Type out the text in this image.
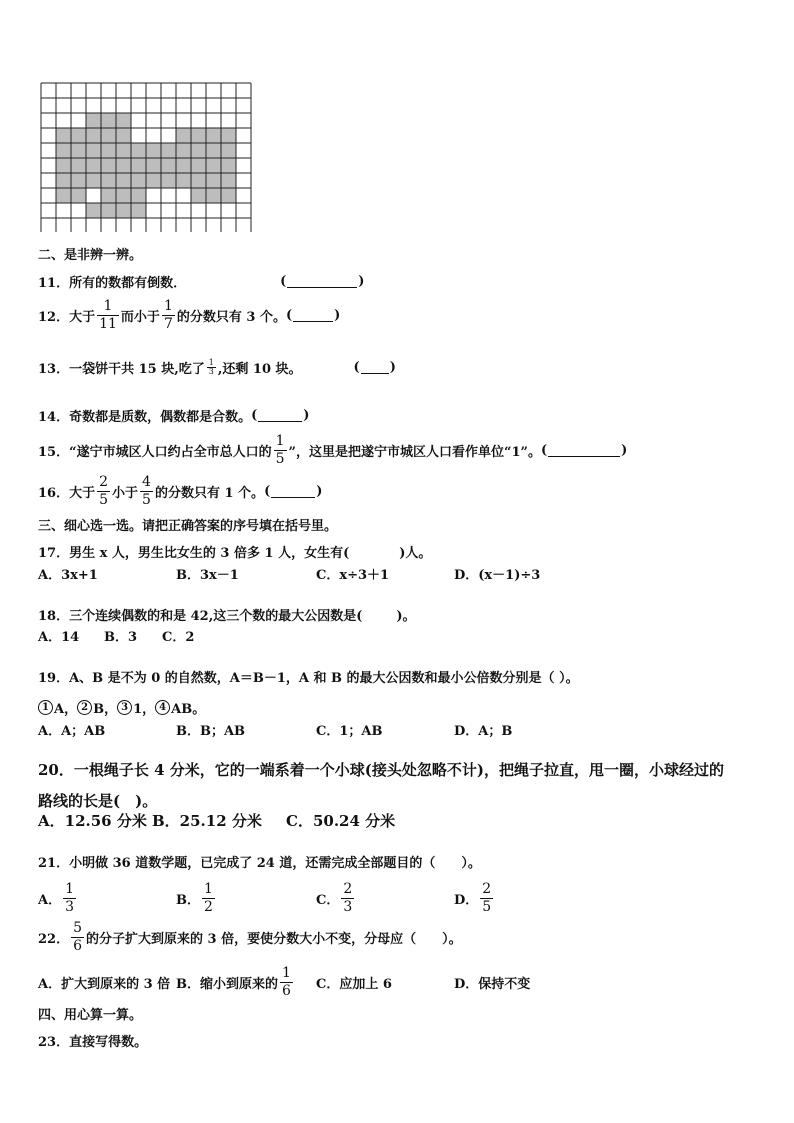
二、是非辨一辨。
11．所有的数都有倒数．	(	)
12．大于 $\frac{1}{11}$ 而小于 $\frac{1}{7}$ 的分数只有 3 个。 (	)
13．一袋饼干共 15 块,吃了 $\frac{1}{3}$ ,还剩 10 块。	( )
14．奇数都是质数，偶数都是合数。 (	)
15．“遂宁市城区人口约占全市总人口的 $\frac{1}{5}$ ”，这里是把遂宁市城区人口看作单位“1”。 (	)
16．大于 $\frac{2}{5}$ 小于 $\frac{4}{5}$ 的分数只有 1 个。 (	)
三、细心选一选。请把正确答案的序号填在括号里。
17．男生 x 人，男生比女生的 3 倍多 1 人，女生有(	)人。
A．3x+1	B．3x－1	C．x÷3＋1	D．(x－1)÷3
18．三个连续偶数的和是 42,这三个数的最大公因数是(	)。
A．14 B．3 C．2
19．A、B 是不为 0 的自然数，A＝B－1，A 和 B 的最大公因数和最小公倍数分别是（ ）。
1 A， 2 B， 3 1， 4 AB。
A．A；AB	B．B；AB	C．1；AB	D．A；B
20．一根绳子长 4 分米，它的一端系着一个小球(接头处忽略不计)，把绳子拉直，甩一圈，小球经过的
路线的长是(　)。
A．12.56 分米 B．25.12 分米 C．50.24 分米
21．小明做 36 道数学题，已完成了 24 道，还需完成全部题目的（　　）。
A． $\frac{1}{3}$	B． $\frac{1}{2}$	C． $\frac{2}{3}$	D． $\frac{2}{5}$
22． $\frac{5}{6}$ 的分子扩大到原来的 3 倍，要使分数大小不变，分母应（　　）。
A．扩大到原来的 3 倍 B．缩小到原来的 $\frac{1}{6}$ C．应加上 6	D．保持不变
四、用心算一算。
23．直接写得数。
